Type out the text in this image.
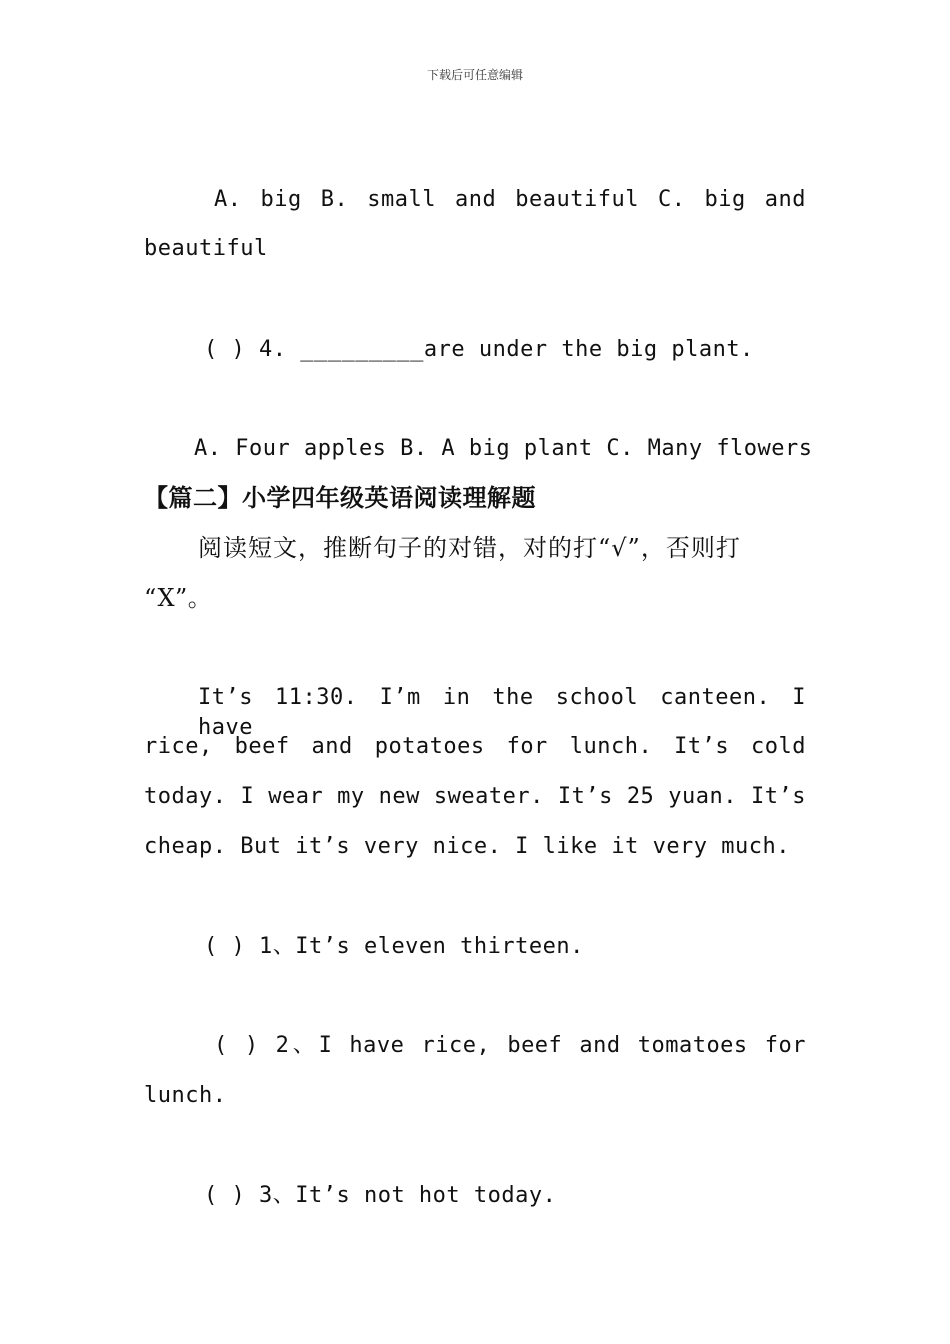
下载后可任意编辑
A. big B. small and beautiful C. big and
beautiful
( ) 4. _________are under the big plant.
A. Four apples B. A big plant C. Many flowers
【篇二】小学四年级英语阅读理解题
阅读短文，推断句子的对错，对的打“√”，否则打
“X”。
It’s 11:30. I’m in the school canteen. I have
rice, beef and potatoes for lunch. It’s cold
today. I wear my new sweater. It’s 25 yuan. It’s
cheap. But it’s very nice. I like it very much.
( ) 1、It’s eleven thirteen.
( ) 2、I have rice, beef and tomatoes for
lunch.
( ) 3、It’s not hot today.
